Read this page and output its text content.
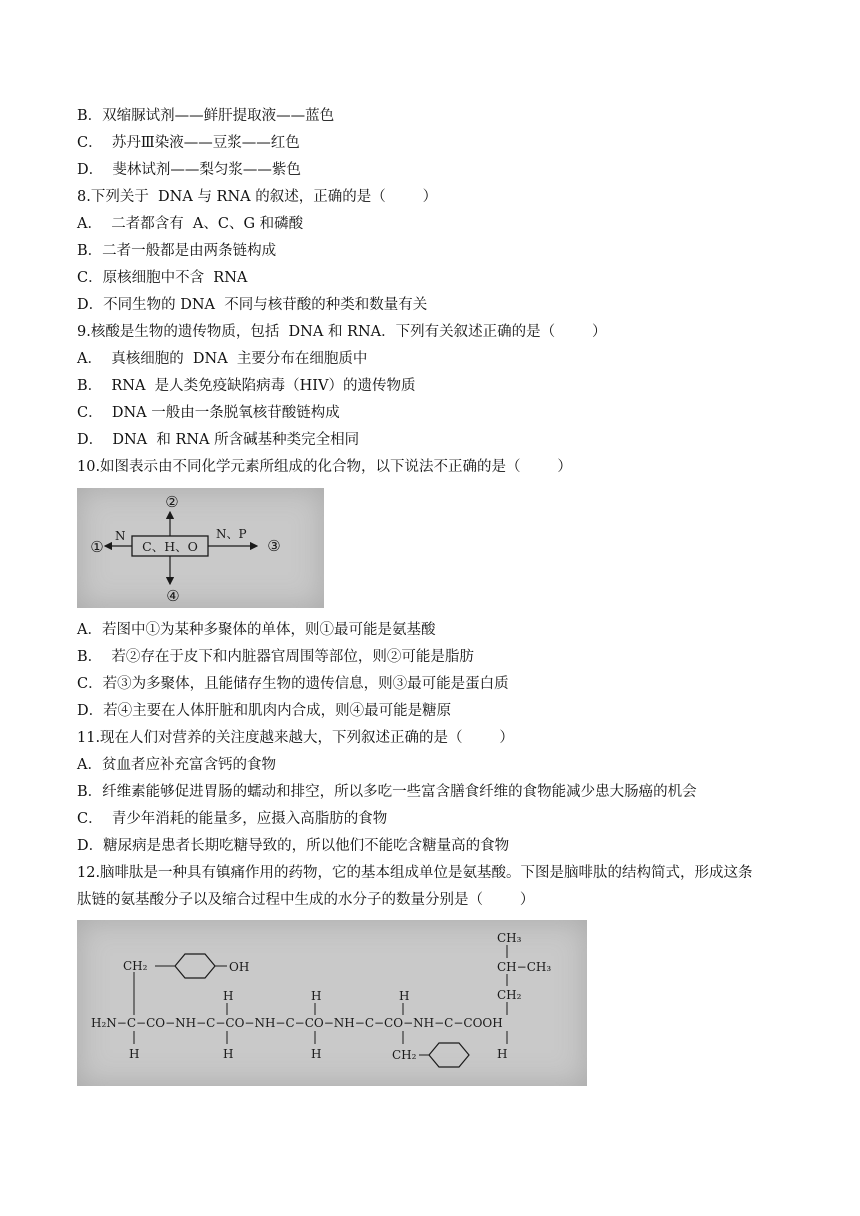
B．双缩脲试剂——鲜肝提取液——蓝色
C．  苏丹Ⅲ染液——豆浆——红色
D．  斐林试剂——梨匀浆——紫色
8.下列关于  DNA 与 RNA 的叙述，正确的是（        ）
A．  二者都含有  A、C、G 和磷酸
B．二者一般都是由两条链构成
C．原核细胞中不含  RNA
D．不同生物的 DNA  不同与核苷酸的种类和数量有关
9.核酸是生物的遗传物质，包括  DNA 和 RNA．下列有关叙述正确的是（        ）
A．  真核细胞的  DNA  主要分布在细胞质中
B．  RNA  是人类免疫缺陷病毒（HIV）的遗传物质
C．  DNA 一般由一条脱氧核苷酸链构成
D．  DNA  和 RNA 所含碱基种类完全相同
10.如图表示由不同化学元素所组成的化合物，以下说法不正确的是（        ）
C、H、O
N	N、P
①
②
③
④
A．若图中①为某种多聚体的单体，则①最可能是氨基酸
B．  若②存在于皮下和内脏器官周围等部位，则②可能是脂肪
C．若③为多聚体，且能储存生物的遗传信息，则③最可能是蛋白质
D．若④主要在人体肝脏和肌肉内合成，则④最可能是糖原
11.现在人们对营养的关注度越来越大，下列叙述正确的是（        ）
A．贫血者应补充富含钙的食物
B．纤维素能够促进胃肠的蠕动和排空，所以多吃一些富含膳食纤维的食物能减少患大肠癌的机会
C．  青少年消耗的能量多，应摄入高脂肪的食物
D．糖尿病是患者长期吃糖导致的，所以他们不能吃含糖量高的食物
12.脑啡肽是一种具有镇痛作用的药物，它的基本组成单位是氨基酸。下图是脑啡肽的结构简式，形成这条
肽链的氨基酸分子以及缩合过程中生成的水分子的数量分别是（        ）
H₂N−C−CO−NH−C−CO−NH−C−CO−NH−C−CO−NH−C−COOH
CH₂	OH
H
H
H
H
H
H
CH₂
CH₃
CH−CH₃
CH₂
H
